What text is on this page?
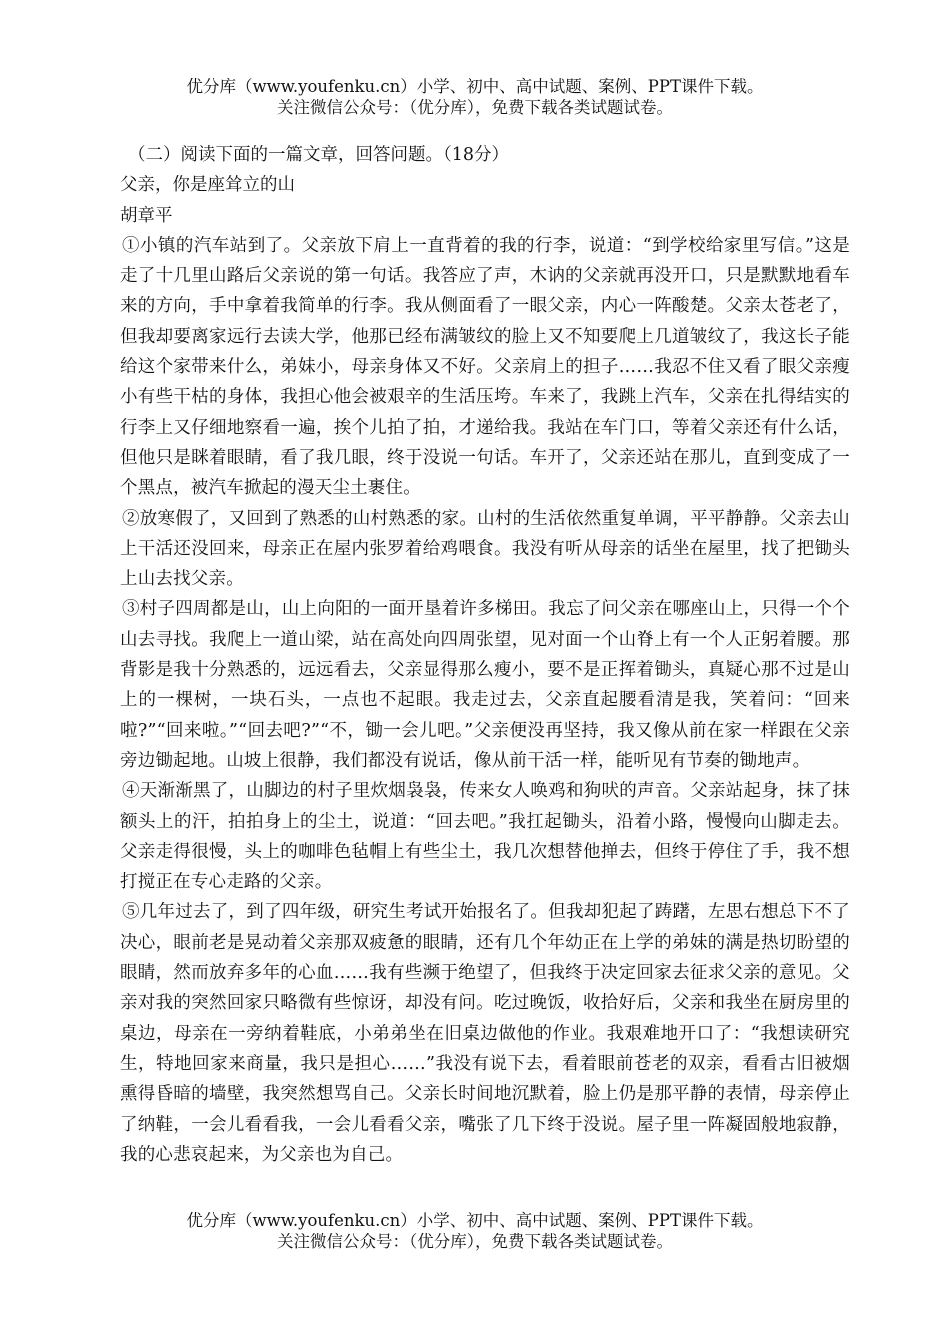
优分库（www.youfenku.cn）小学、初中、高中试题、案例、PPT课件下载。
关注微信公众号：（优分库），免费下载各类试题试卷。
（二）阅读下面的一篇文章，回答问题。（18分）
父亲，你是座耸立的山
胡章平
①小镇的汽车站到了。父亲放下肩上一直背着的我的行李，说道：“到学校给家里写信。”这是走了十几里山路后父亲说的第一句话。我答应了声，木讷的父亲就再没开口，只是默默地看车来的方向，手中拿着我简单的行李。我从侧面看了一眼父亲，内心一阵酸楚。父亲太苍老了，但我却要离家远行去读大学，他那已经布满皱纹的脸上又不知要爬上几道皱纹了，我这长子能给这个家带来什么，弟妹小，母亲身体又不好。父亲肩上的担子……我忍不住又看了眼父亲瘦小有些干枯的身体，我担心他会被艰辛的生活压垮。车来了，我跳上汽车，父亲在扎得结实的行李上又仔细地察看一遍，挨个儿拍了拍，才递给我。我站在车门口，等着父亲还有什么话，但他只是眯着眼睛，看了我几眼，终于没说一句话。车开了，父亲还站在那儿，直到变成了一个黑点，被汽车掀起的漫天尘土裹住。
②放寒假了，又回到了熟悉的山村熟悉的家。山村的生活依然重复单调，平平静静。父亲去山上干活还没回来，母亲正在屋内张罗着给鸡喂食。我没有听从母亲的话坐在屋里，找了把锄头上山去找父亲。
③村子四周都是山，山上向阳的一面开垦着许多梯田。我忘了问父亲在哪座山上，只得一个个山去寻找。我爬上一道山梁，站在高处向四周张望，见对面一个山脊上有一个人正躬着腰。那背影是我十分熟悉的，远远看去，父亲显得那么瘦小，要不是正挥着锄头，真疑心那不过是山上的一棵树，一块石头，一点也不起眼。我走过去，父亲直起腰看清是我，笑着问：“回来啦?”“回来啦。”“回去吧?”“不，锄一会儿吧。”父亲便没再坚持，我又像从前在家一样跟在父亲旁边锄起地。山坡上很静，我们都没有说话，像从前干活一样，能听见有节奏的锄地声。
④天渐渐黑了，山脚边的村子里炊烟袅袅，传来女人唤鸡和狗吠的声音。父亲站起身，抹了抹额头上的汗，拍拍身上的尘土，说道：“回去吧。”我扛起锄头，沿着小路，慢慢向山脚走去。父亲走得很慢，头上的咖啡色毡帽上有些尘土，我几次想替他掸去，但终于停住了手，我不想打搅正在专心走路的父亲。
⑤几年过去了，到了四年级，研究生考试开始报名了。但我却犯起了踌躇，左思右想总下不了决心，眼前老是晃动着父亲那双疲惫的眼睛，还有几个年幼正在上学的弟妹的满是热切盼望的眼睛，然而放弃多年的心血……我有些濒于绝望了，但我终于决定回家去征求父亲的意见。父亲对我的突然回家只略微有些惊讶，却没有问。吃过晚饭，收拾好后，父亲和我坐在厨房里的桌边，母亲在一旁纳着鞋底，小弟弟坐在旧桌边做他的作业。我艰难地开口了：“我想读研究生，特地回家来商量，我只是担心……”我没有说下去，看着眼前苍老的双亲，看看古旧被烟熏得昏暗的墙壁，我突然想骂自己。父亲长时间地沉默着，脸上仍是那平静的表情，母亲停止了纳鞋，一会儿看看我，一会儿看看父亲，嘴张了几下终于没说。屋子里一阵凝固般地寂静，我的心悲哀起来，为父亲也为自己。
优分库（www.youfenku.cn）小学、初中、高中试题、案例、PPT课件下载。
关注微信公众号：（优分库），免费下载各类试题试卷。
